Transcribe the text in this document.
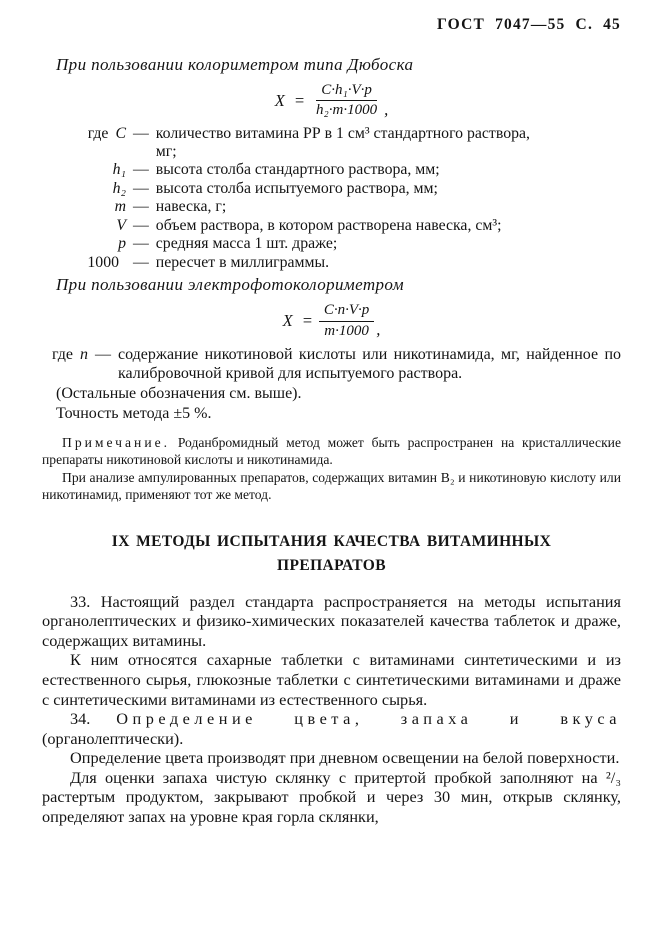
ГОСТ 7047—55 С. 45
При пользовании колориметром типа Дюбоска
$X = \frac{\text{C·h₁·V·p}}{\text{h₂·m·1000}}$ ,
где С — количество витамина РР в 1 см³ стандартного раствора,
мг;
h₁ — высота столба стандартного раствора, мм;
h₂ — высота столба испытуемого раствора, мм;
m — навеска, г;
V — объем раствора, в котором растворена навеска, см³;
p — средняя масса 1 шт. драже;
1000 — пересчет в миллиграммы.
При пользовании электрофотоколориметром
$X = \frac{C\cdot n\cdot V\cdot p}{m\cdot 1000}$ ,
где n — содержание никотиновой кислоты или никотинамида, мг, найденное по калибровочной кривой для испытуемого раствора.
(Остальные обозначения см. выше).
Точность метода ±5 %.

Примечание. Роданбромидный метод может быть распространен на кристаллические препараты никотиновой кислоты и никотинамида.

При анализе ампулированных препаратов, содержащих витамин В₂ и никотиновую кислоту или никотинамид, применяют тот же метод.

IX МЕТОДЫ ИСПЫТАНИЯ КАЧЕСТВА ВИТАМИННЫХ
ПРЕПАРАТОВ

33. Настоящий раздел стандарта распространяется на методы испытания органолептических и физико-химических показателей качества таблеток и драже, содержащих витамины.

К ним относятся сахарные таблетки с витаминами синтетическими и из естественного сырья, глюкозные таблетки с синтетическими витаминами и драже с синтетическими витаминами из естественного сырья.

34. Определение цвета, запаха и вкуса (органолептически).

Определение цвета производят при дневном освещении на белой поверхности.

Для оценки запаха чистую склянку с притертой пробкой заполняют на ²/₃ растертым продуктом, закрывают пробкой и через 30 мин, открыв склянку, определяют запах на уровне края горла склянки,
